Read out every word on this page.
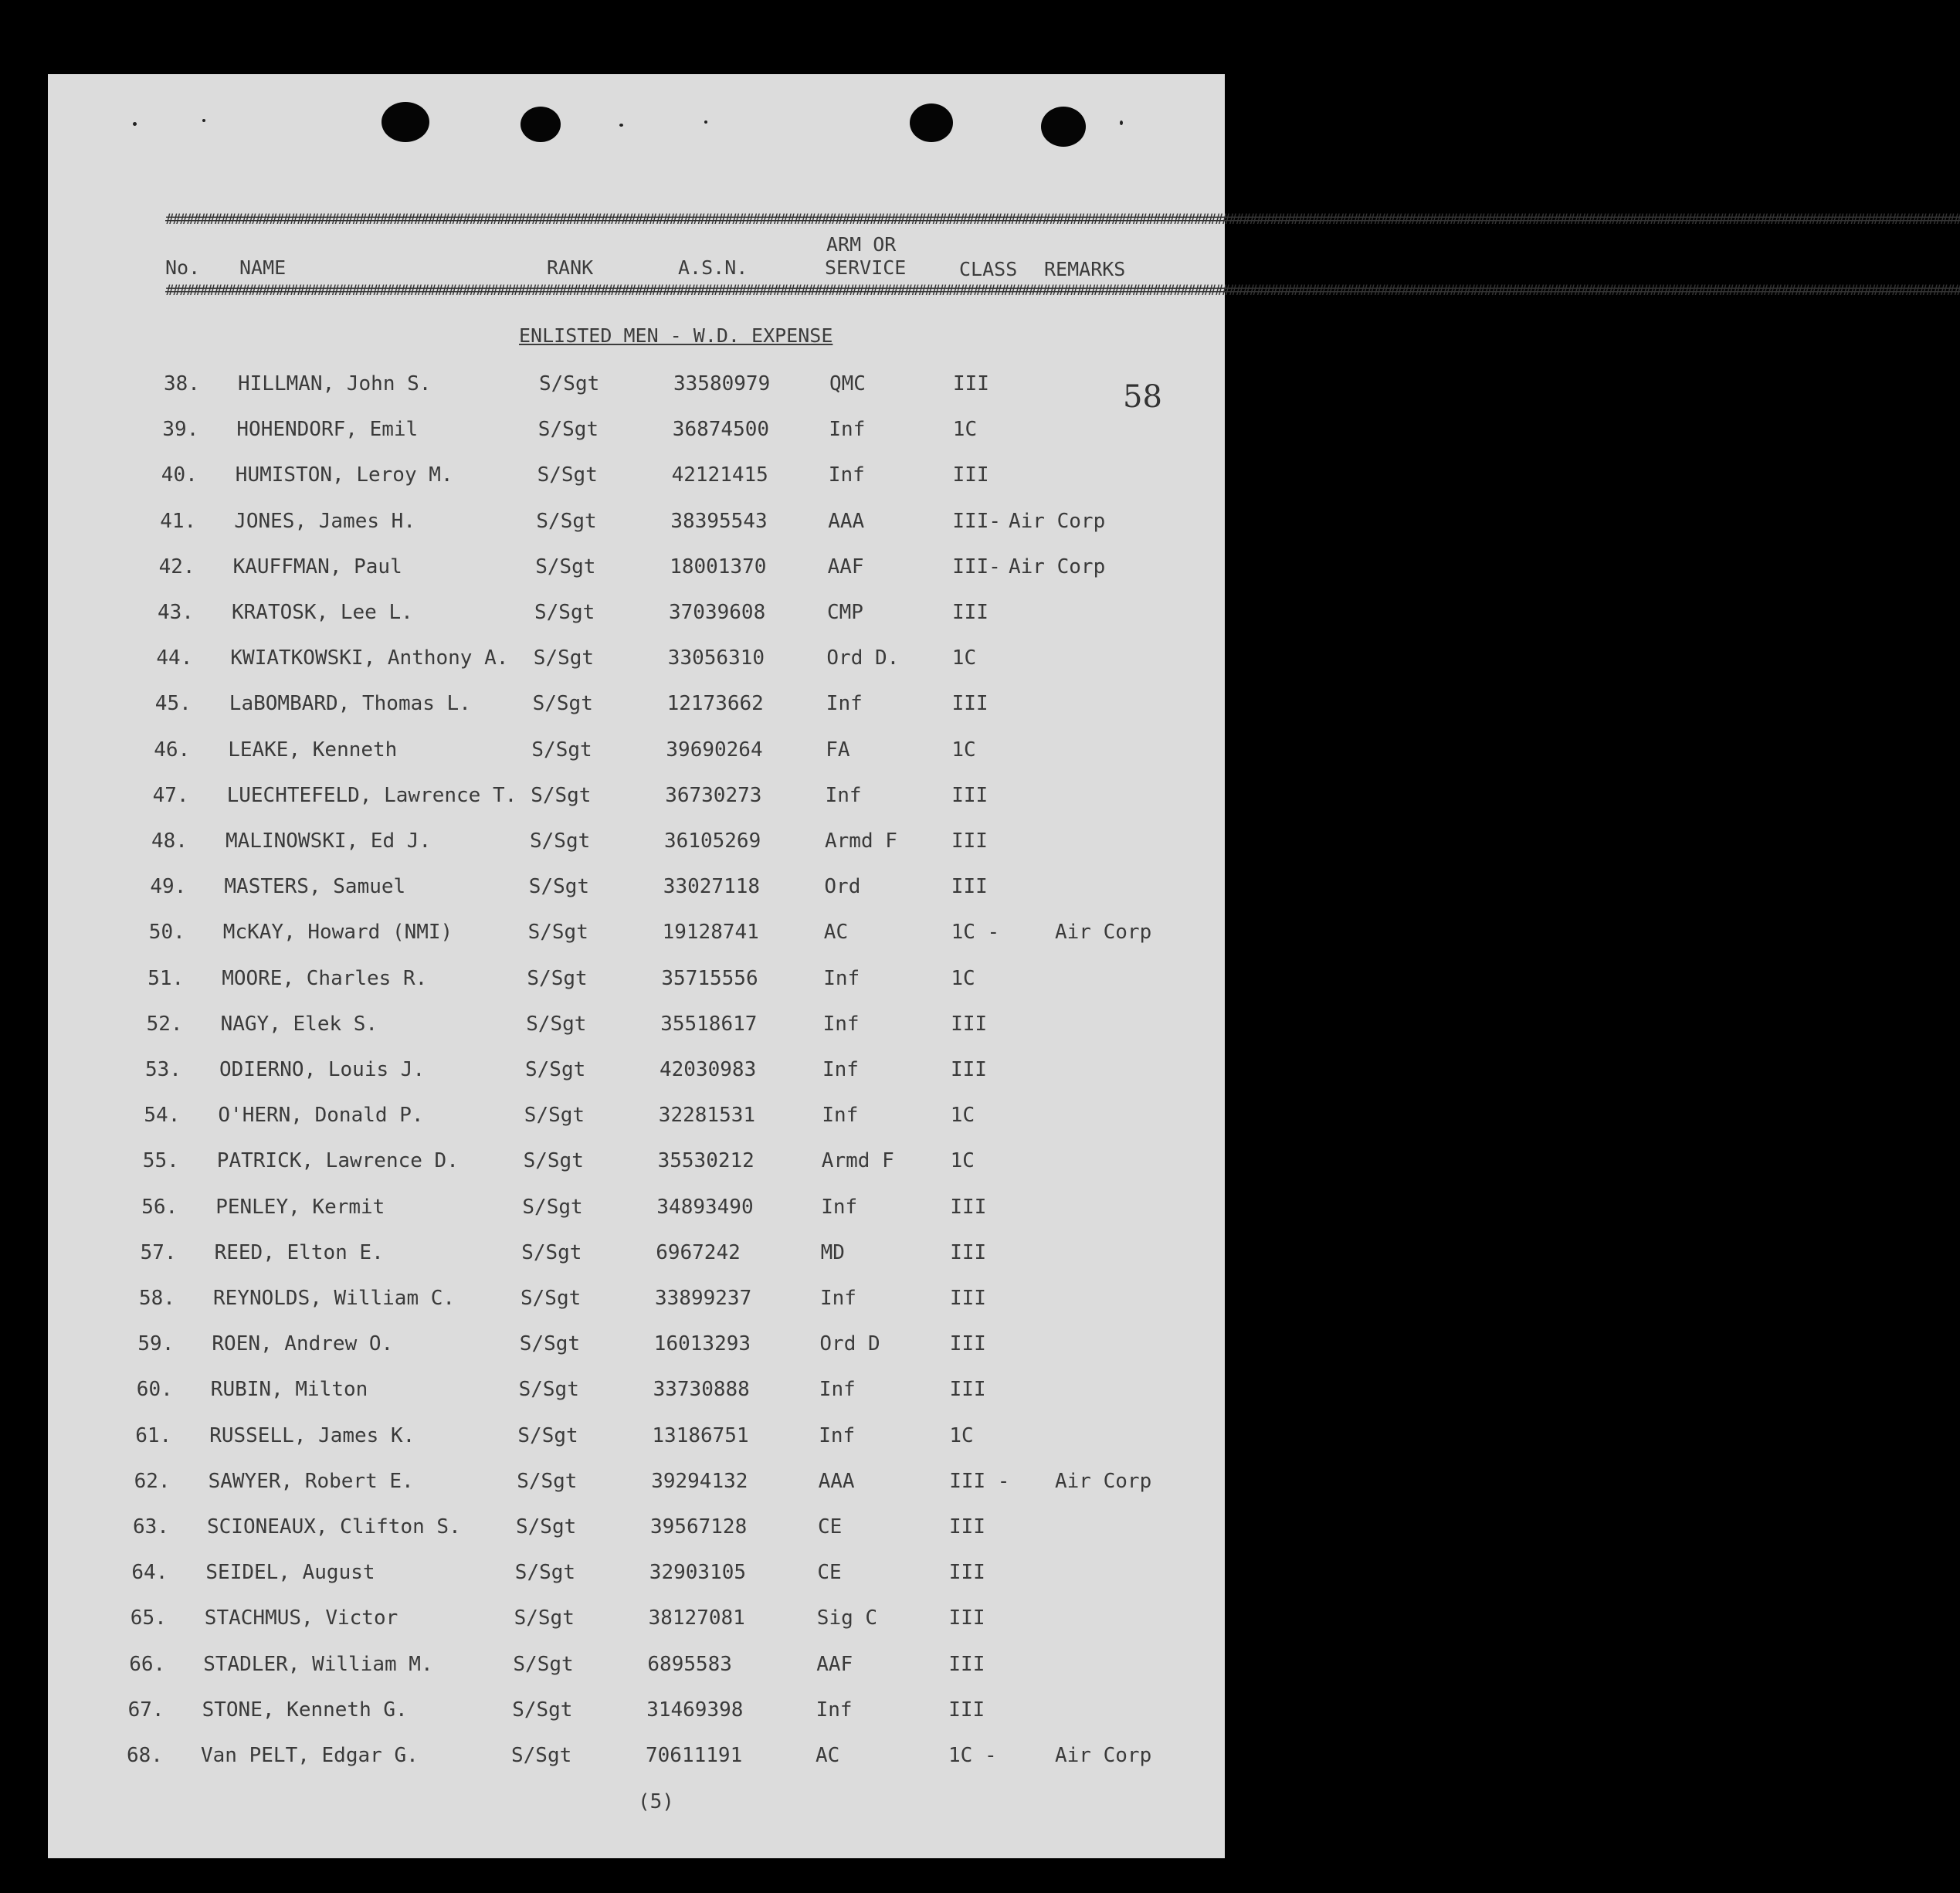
####################################################################################################################################################################################################################################################################
####################################################################################################################################################################################################################################################################
No. NAME	RANK	A.S.N.
ARM OR
SERVICE	CLASS REMARKS
ENLISTED MEN - W.D. EXPENSE
58
38. HILLMAN, John S.	S/Sgt	33580979	QMC	III
39. HOHENDORF, Emil	S/Sgt	36874500	Inf	1C
40. HUMISTON, Leroy M.	S/Sgt	42121415	Inf	III
41. JONES, James H.	S/Sgt	38395543	AAA	III- Air Corp
42. KAUFFMAN, Paul	S/Sgt	18001370	AAF	III- Air Corp
43. KRATOSK, Lee L.	S/Sgt	37039608	CMP	III
44. KWIATKOWSKI, Anthony A. S/Sgt	33056310	Ord D.	1C
45. LaBOMBARD, Thomas L.	S/Sgt	12173662	Inf	III
46. LEAKE, Kenneth	S/Sgt	39690264	FA	1C
47. LUECHTEFELD, Lawrence T. S/Sgt	36730273	Inf	III
48. MALINOWSKI, Ed J.	S/Sgt	36105269	Armd F	III
49. MASTERS, Samuel	S/Sgt	33027118	Ord	III
50. McKAY, Howard (NMI)	S/Sgt	19128741	AC	1C -	Air Corp
51. MOORE, Charles R.	S/Sgt	35715556	Inf	1C
52. NAGY, Elek S.	S/Sgt	35518617	Inf	III
53. ODIERNO, Louis J.	S/Sgt	42030983	Inf	III
54. O'HERN, Donald P.	S/Sgt	32281531	Inf	1C
55. PATRICK, Lawrence D.	S/Sgt	35530212	Armd F	1C
56. PENLEY, Kermit	S/Sgt	34893490	Inf	III
57. REED, Elton E.	S/Sgt	6967242	MD	III
58. REYNOLDS, William C.	S/Sgt	33899237	Inf	III
59. ROEN, Andrew O.	S/Sgt	16013293	Ord D	III
60. RUBIN, Milton	S/Sgt	33730888	Inf	III
61. RUSSELL, James K.	S/Sgt	13186751	Inf	1C
62. SAWYER, Robert E.	S/Sgt	39294132	AAA	III - Air Corp
63. SCIONEAUX, Clifton S.	S/Sgt	39567128	CE	III
64. SEIDEL, August	S/Sgt	32903105	CE	III
65. STACHMUS, Victor	S/Sgt	38127081	Sig C	III
66. STADLER, William M.	S/Sgt	6895583	AAF	III
67. STONE, Kenneth G.	S/Sgt	31469398	Inf	III
68. Van PELT, Edgar G.	S/Sgt	70611191	AC	1C -	Air Corp
(5)
